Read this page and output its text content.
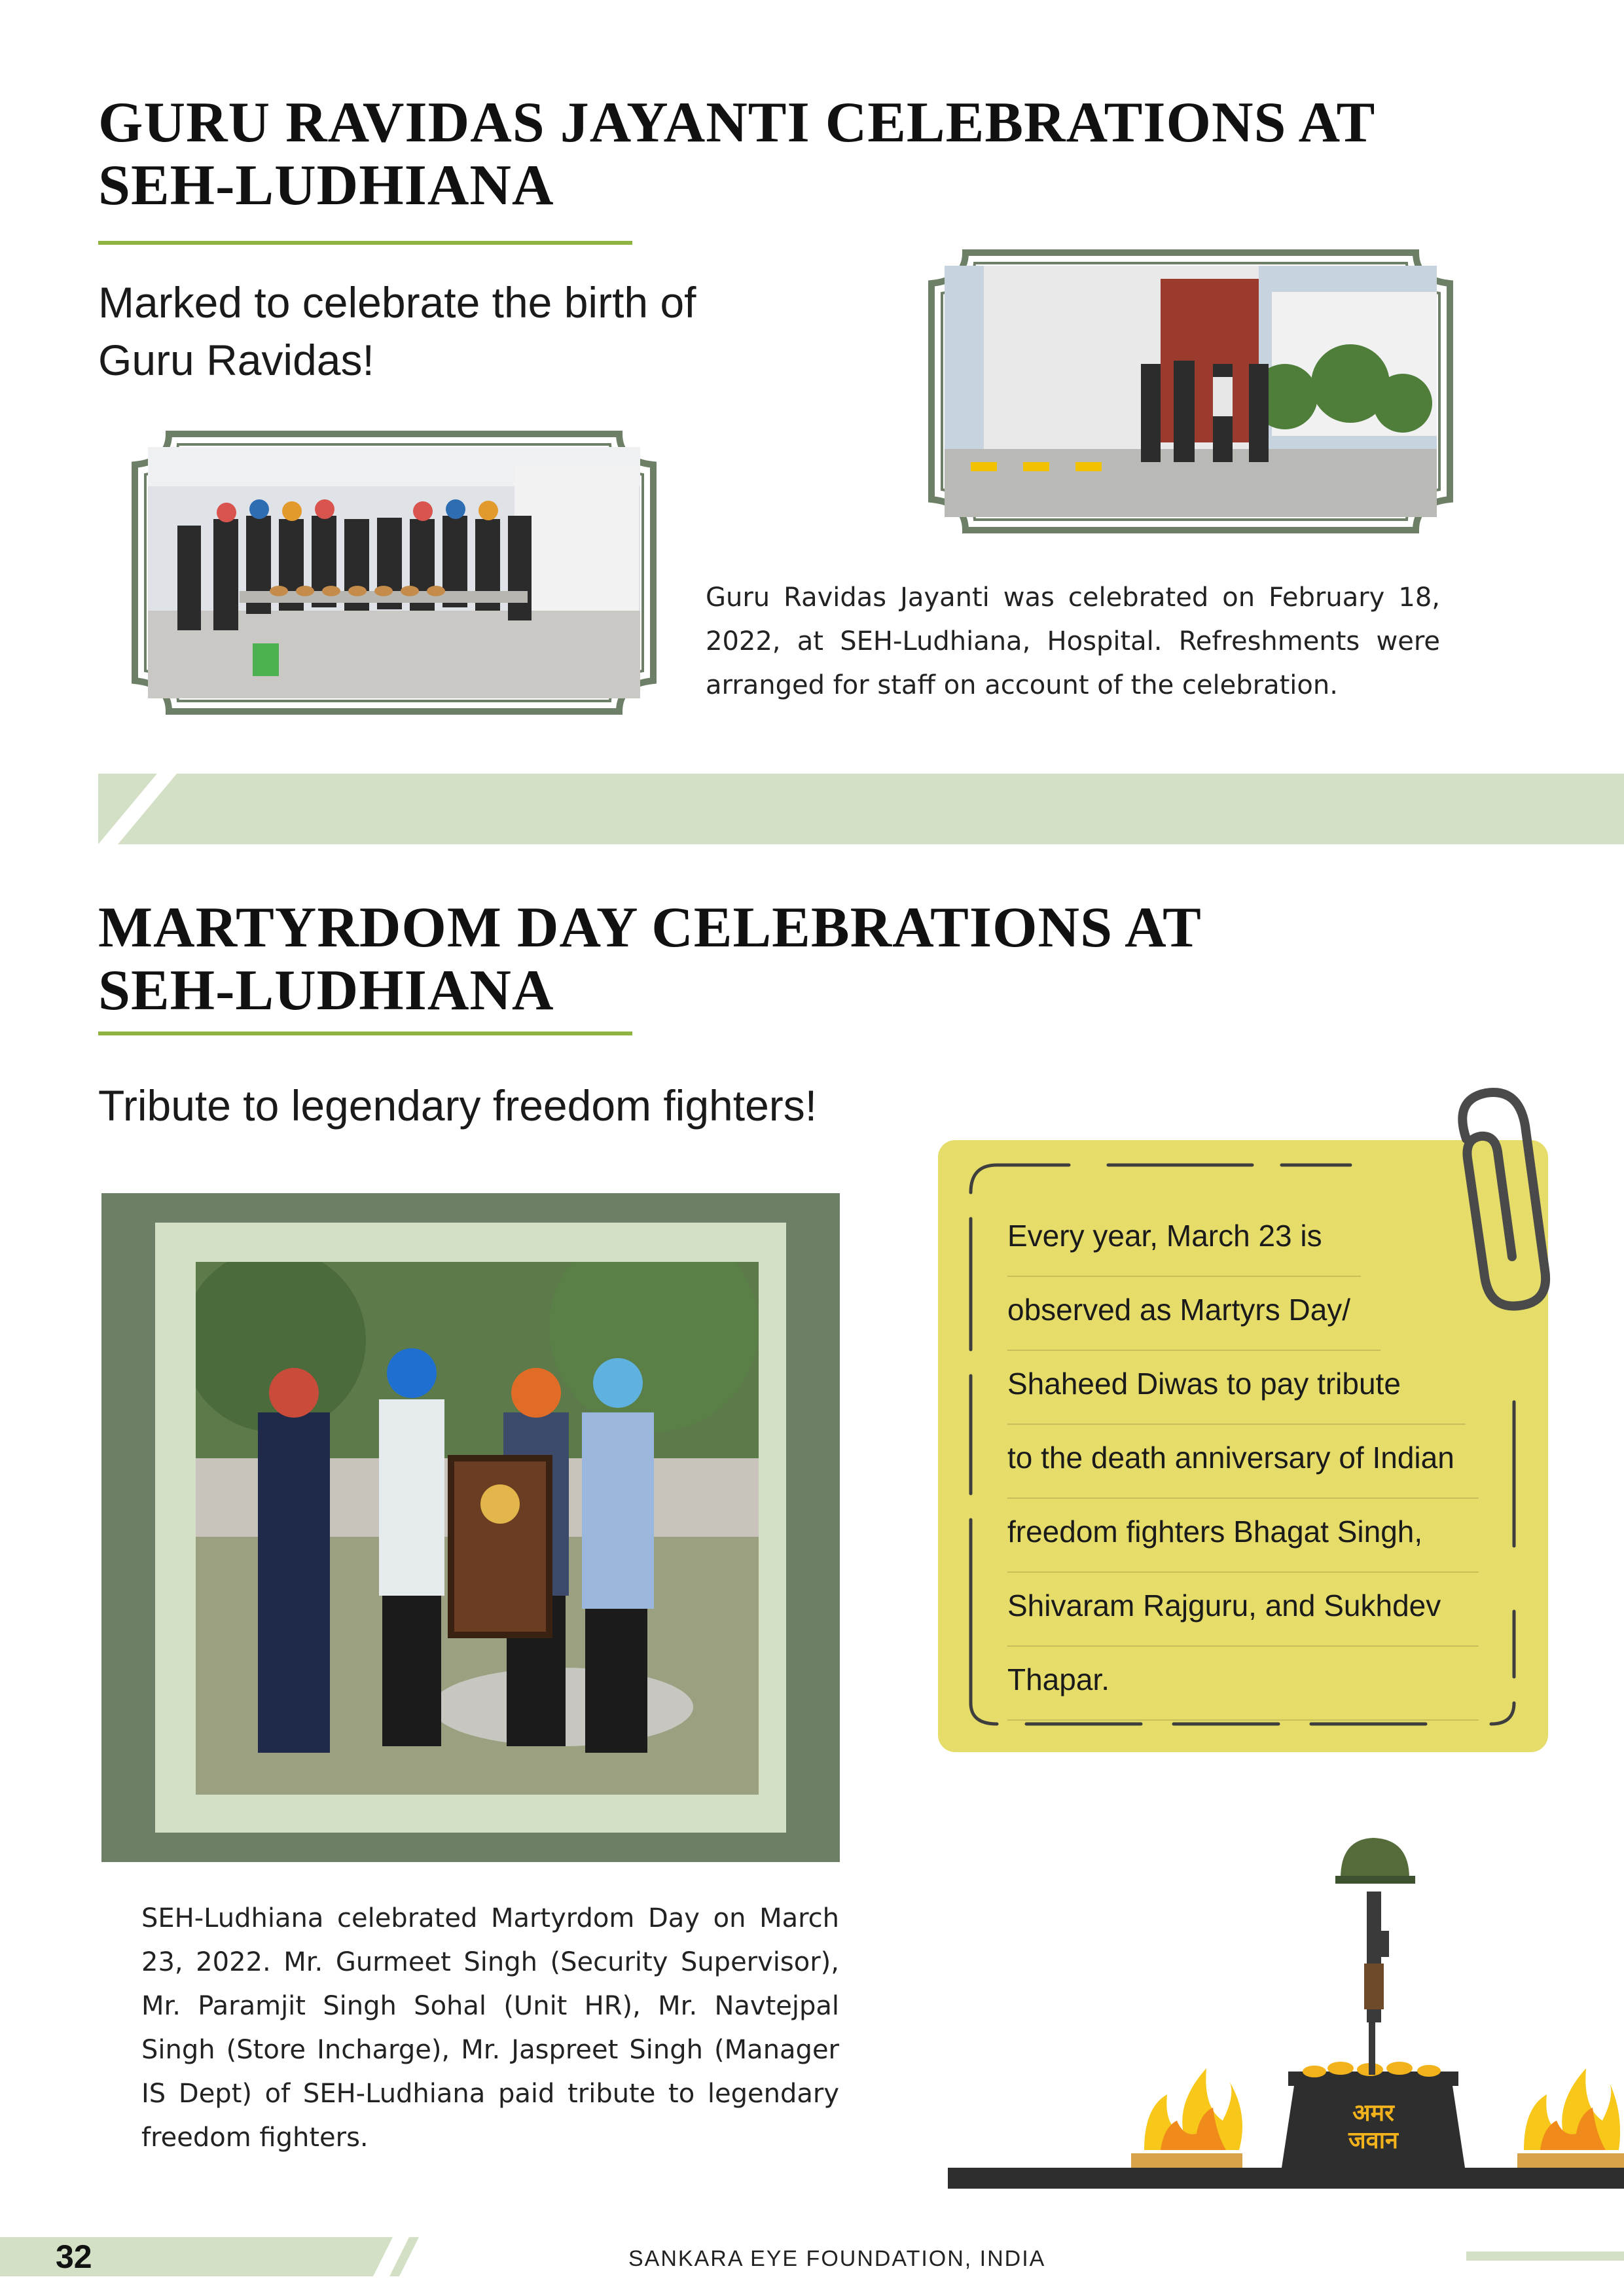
GURU RAVIDAS JAYANTI CELEBRATIONS AT
SEH-LUDHIANA
Marked to celebrate the birth of
Guru Ravidas!
Guru Ravidas Jayanti was celebrated on February 18, 2022, at SEH-Ludhiana, Hospital. Refreshments were arranged for staff on account of the celebration.
MARTYRDOM DAY CELEBRATIONS AT
SEH-LUDHIANA
Tribute to legendary freedom fighters!
Every year, March 23 is
observed as Martyrs Day/
Shaheed Diwas to pay tribute
to the death anniversary of Indian
freedom fighters Bhagat Singh,
Shivaram Rajguru, and Sukhdev
Thapar.
SEH-Ludhiana celebrated Martyrdom Day on March 23, 2022. Mr. Gurmeet Singh (Security Supervisor), Mr. Paramjit Singh Sohal (Unit HR), Mr. Navtejpal Singh (Store Incharge), Mr. Jaspreet Singh (Manager IS Dept) of SEH-Ludhiana paid tribute to legendary freedom fighters.
अमर
जवान
32	SANKARA EYE FOUNDATION, INDIA
